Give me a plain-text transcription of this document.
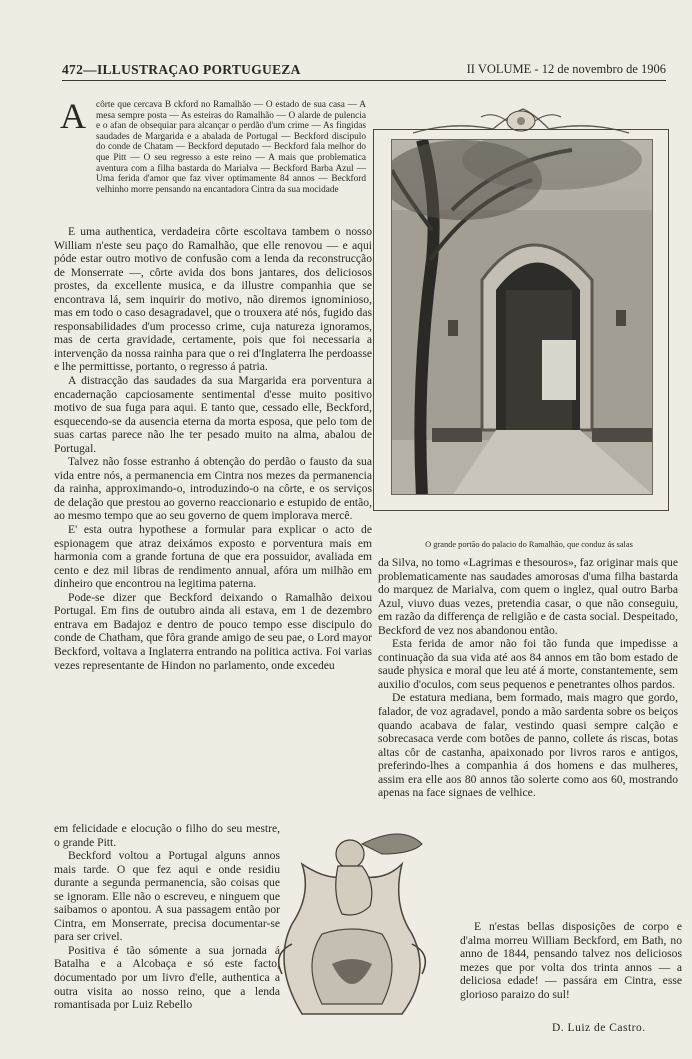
472—ILLUSTRAÇAO PORTUGUEZA	II VOLUME - 12 de novembro de 1906
A côrte que cercava B ckford no Ramalhão — O estado de sua casa — A mesa sempre posta — As esteiras do Ramalhão — O alarde de pulencia e o afan de obsequiar para alcançar o perdão d'um crime — As fingidas saudades de Margarida e a abalada de Portugal — Beckford discipulo do conde de Chatam — Beckford deputado — Beckford fala melhor do que Pitt — O seu regresso a este reino — A mais que problematica aventura com a filha bastarda do Marialva — Beckford Barba Azul — Uma ferida d'amor que faz viver optimamente 84 annos — Beckford velhinho morre pensando na encantadora Cintra da sua mocidade

E uma authentica, verdadeira côrte escoltava tambem o nosso William n'este seu paço do Ramalhão, que elle renovou — e aqui póde estar outro motivo de confusão com a lenda da reconstrucção de Monserrate —, côrte avida dos bons jantares, dos deliciosos prostes, da excellente musica, e da illustre companhia que se encontrava lá, sem inquirir do motivo, não diremos ignominioso, mas em todo o caso desagradavel, que o trouxera até nós, fugido das responsabilidades d'um processo crime, cuja natureza ignoramos, mas de certa gravidade, certamente, pois que foi necessaria a intervenção da nossa rainha para que o rei d'Inglaterra lhe perdoasse e lhe permittisse, portanto, o regresso á patria.

A distracção das saudades da sua Margarida era porventura a encadernação capciosamente sentimental d'esse muito positivo motivo de sua fuga para aqui. E tanto que, cessado elle, Beckford, esquecendo-se da ausencia eterna da morta esposa, que pelo tom de suas cartas parece não lhe ter pesado muito na alma, abalou de Portugal.

Talvez não fosse estranho á obtenção do perdão o fausto da sua vida entre nós, a permanencia em Cintra nos mezes da permanencia da rainha, approximando-o, introduzindo-o na côrte, e os serviços de delação que prestou ao governo reaccionario e estupido de então, ao mesmo tempo que ao seu governo de quem implorava mercê.

E' esta outra hypothese a formular para explicar o acto de espionagem que atraz deixámos exposto e porventura mais em harmonia com a grande fortuna de que era possuidor, avaliada em cento e dez mil libras de rendimento annual, afóra um milhão em dinheiro que encontrou na legitima paterna.

Pode-se dizer que Beckford deixando o Ramalhão deixou Portugal. Em fins de outubro ainda ali estava, em 1 de dezembro entrava em Badajoz e dentro de pouco tempo esse discipulo do conde de Chatham, que fôra grande amigo de seu pae, o Lord mayor Beckford, voltava a Inglaterra entrando na politica activa. Foi varias vezes representante de Hindon no parlamento, onde excedeu

em felicidade e elocução o filho do seu mestre, o grande Pitt.

Beckford voltou a Portugal alguns annos mais tarde. O que fez aqui e onde residiu durante a segunda permanencia, são coisas que se ignoram. Elle não o escreveu, e ninguem que saibamos o apontou. A sua passagem então por Cintra, em Monserrate, precisa documentar-se para ser crivel.

Positiva é tão sómente a sua jornada á Batalha e a Alcobaça e só este facto, documentado por um livro d'elle, authentica a outra visita ao nosso reino, que a lenda romantisada por Luiz Rebello

O grande portão do palacio do Ramalhão, que conduz ás salas

da Silva, no tomo «Lagrimas e thesouros», faz originar mais que problematicamente nas saudades amorosas d'uma filha bastarda do marquez de Marialva, com quem o inglez, qual outro Barba Azul, viuvo duas vezes, pretendia casar, o que não conseguiu, em razão da differença de religião e de casta social. Despeitado, Beckford de vez nos abandonou então.

Esta ferida de amor não foi tão funda que impedisse a continuação da sua vida até aos 84 annos em tão bom estado de saude physica e moral que leu até á morte, constantemente, sem auxilio d'oculos, com seus pequenos e penetrantes olhos pardos.

De estatura mediana, bem formado, mais magro que gordo, falador, de voz agradavel, pondo a mão sardenta sobre os beiços quando acabava de falar, vestindo quasi sempre calção e sobrecasaca verde com botões de panno, collete ás riscas, botas altas côr de castanha, apaixonado por livros raros e antigos, preferindo-lhes a companhia á dos homens e das mulheres, assim era elle aos 80 annos tão solerte como aos 60, mostrando apenas na face signaes de velhice.

E n'estas bellas disposições de corpo e d'alma morreu William Beckford, em Bath, no anno de 1844, pensando talvez nos deliciosos mezes que por volta dos trinta annos — a deliciosa edade! — passára em Cintra, esse glorioso paraizo do sul!

D. Luiz de Castro.
